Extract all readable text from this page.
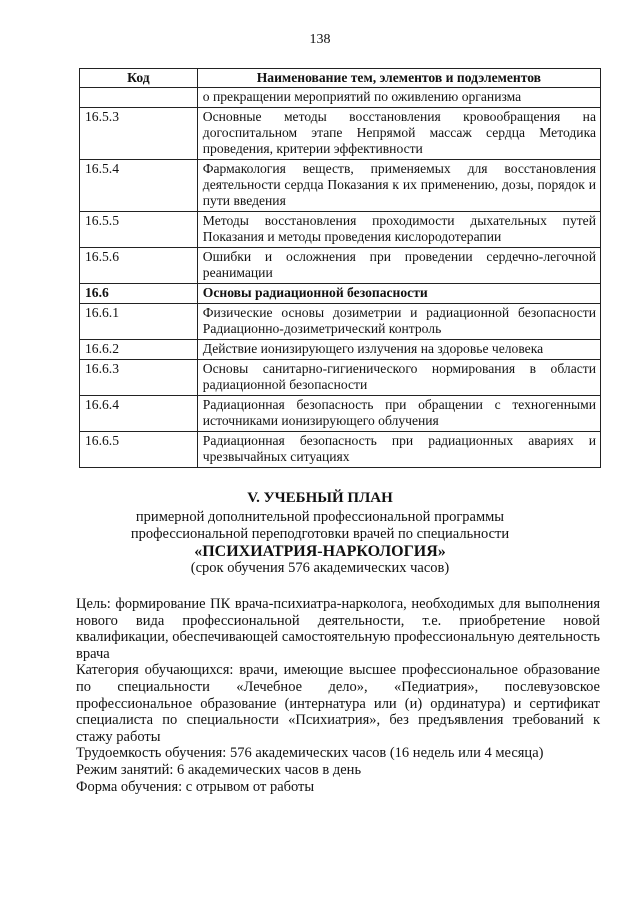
138
Код	Наименование тем, элементов и подэлементов
	о прекращении мероприятий по оживлению организма
16.5.3	Основные методы восстановления кровообращения на догоспитальном этапе Непрямой массаж сердца Методика проведения, критерии эффективности
16.5.4	Фармакология веществ, применяемых для восстановления деятельности сердца Показания к их применению, дозы, порядок и пути введения
16.5.5	Методы восстановления проходимости дыхательных путей Показания и методы проведения кислородотерапии
16.5.6	Ошибки и осложнения при проведении сердечно-легочной реанимации
16.6	Основы радиационной безопасности
16.6.1	Физические основы дозиметрии и радиационной безопасности Радиационно-дозиметрический контроль
16.6.2	Действие ионизирующего излучения на здоровье человека
16.6.3	Основы санитарно-гигиенического нормирования в области радиационной безопасности
16.6.4	Радиационная безопасность при обращении с техногенными источниками ионизирующего облучения
16.6.5	Радиационная безопасность при радиационных авариях и чрезвычайных ситуациях
V. УЧЕБНЫЙ ПЛАН
примерной дополнительной профессиональной программы
профессиональной переподготовки врачей по специальности
«ПСИХИАТРИЯ-НАРКОЛОГИЯ»
(срок обучения 576 академических часов)

Цель: формирование ПК врача-психиатра-нарколога, необходимых для выполнения нового вида профессиональной деятельности, т.е. приобретение новой квалификации, обеспечивающей самостоятельную профессиональную деятельность врача

Категория обучающихся: врачи, имеющие высшее профессиональное образование по специальности «Лечебное дело», «Педиатрия», послевузовское профессиональное образование (интернатура или (и) ординатура) и сертификат специалиста по специальности «Психиатрия», без предъявления требований к стажу работы

Трудоемкость обучения: 576 академических часов (16 недель или 4 месяца)

Режим занятий: 6 академических часов в день

Форма обучения: с отрывом от работы
